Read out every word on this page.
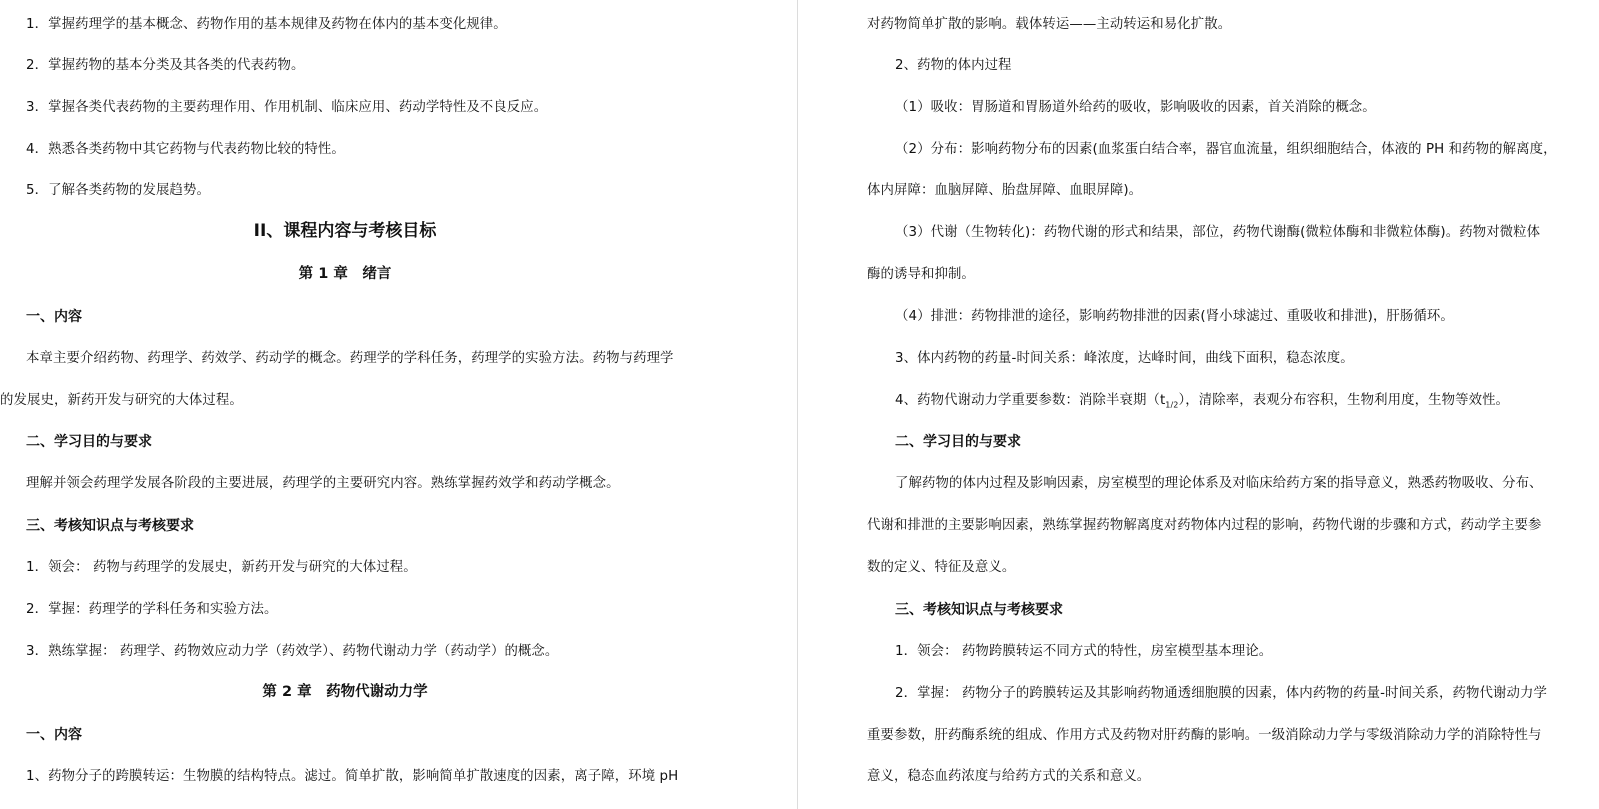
1．掌握药理学的基本概念、药物作用的基本规律及药物在体内的基本变化规律。
2．掌握药物的基本分类及其各类的代表药物。
3．掌握各类代表药物的主要药理作用、作用机制、临床应用、药动学特性及不良反应。
4．熟悉各类药物中其它药物与代表药物比较的特性。
5．了解各类药物的发展趋势。
II、课程内容与考核目标
第 1 章　绪言
一、内容
本章主要介绍药物、药理学、药效学、药动学的概念。药理学的学科任务，药理学的实验方法。药物与药理学
的发展史，新药开发与研究的大体过程。
二、学习目的与要求
理解并领会药理学发展各阶段的主要进展，药理学的主要研究内容。熟练掌握药效学和药动学概念。
三、考核知识点与考核要求
1．领会： 药物与药理学的发展史，新药开发与研究的大体过程。
2．掌握：药理学的学科任务和实验方法。
3．熟练掌握： 药理学、药物效应动力学（药效学）、药物代谢动力学（药动学）的概念。
第 2 章　药物代谢动力学
一、内容
1、药物分子的跨膜转运：生物膜的结构特点。滤过。简单扩散，影响简单扩散速度的因素，离子障，环境 pH
对药物简单扩散的影响。载体转运——主动转运和易化扩散。
2、药物的体内过程
（1）吸收：胃肠道和胃肠道外给药的吸收，影响吸收的因素，首关消除的概念。
（2）分布：影响药物分布的因素(血浆蛋白结合率，器官血流量，组织细胞结合，体液的 PH 和药物的解离度，
体内屏障：血脑屏障、胎盘屏障、血眼屏障)。
（3）代谢（生物转化)：药物代谢的形式和结果，部位，药物代谢酶(微粒体酶和非微粒体酶)。药物对微粒体
酶的诱导和抑制。
（4）排泄：药物排泄的途径，影响药物排泄的因素(肾小球滤过、重吸收和排泄)，肝肠循环。
3、体内药物的药量-时间关系：峰浓度，达峰时间，曲线下面积，稳态浓度。
4、药物代谢动力学重要参数：消除半衰期$(t_{1/2})$，清除率，表观分布容积，生物利用度，生物等效性。
二、学习目的与要求
了解药物的体内过程及影响因素，房室模型的理论体系及对临床给药方案的指导意义，熟悉药物吸收、分布、
代谢和排泄的主要影响因素，熟练掌握药物解离度对药物体内过程的影响，药物代谢的步骤和方式，药动学主要参
数的定义、特征及意义。
三、考核知识点与考核要求
1．领会： 药物跨膜转运不同方式的特性，房室模型基本理论。
2．掌握： 药物分子的跨膜转运及其影响药物通透细胞膜的因素，体内药物的药量-时间关系，药物代谢动力学
重要参数，肝药酶系统的组成、作用方式及药物对肝药酶的影响。一级消除动力学与零级消除动力学的消除特性与
意义，稳态血药浓度与给药方式的关系和意义。
